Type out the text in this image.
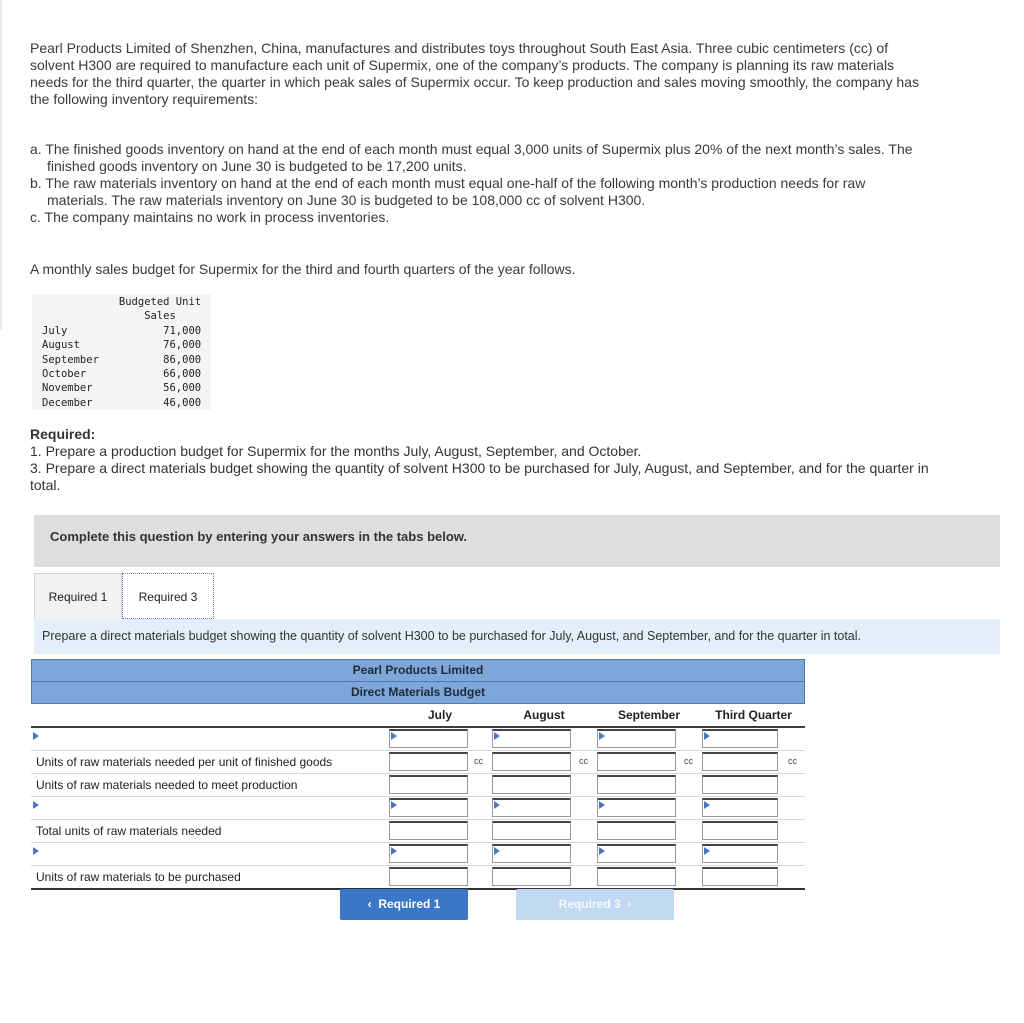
Pearl Products Limited of Shenzhen, China, manufactures and distributes toys throughout South East Asia. Three cubic centimeters (cc) of solvent H300 are required to manufacture each unit of Supermix, one of the company’s products. The company is planning its raw materials needs for the third quarter, the quarter in which peak sales of Supermix occur. To keep production and sales moving smoothly, the company has the following inventory requirements:
a. The finished goods inventory on hand at the end of each month must equal 3,000 units of Supermix plus 20% of the next month’s sales. The finished goods inventory on June 30 is budgeted to be 17,200 units.
b. The raw materials inventory on hand at the end of each month must equal one-half of the following month’s production needs for raw materials. The raw materials inventory on June 30 is budgeted to be 108,000 cc of solvent H300.
c. The company maintains no work in process inventories.
A monthly sales budget for Supermix for the third and fourth quarters of the year follows.
	Budgeted Unit
Sales
July	71,000
August	76,000
September	86,000
October	66,000
November	56,000
December	46,000
Required:
1. Prepare a production budget for Supermix for the months July, August, September, and October.
3. Prepare a direct materials budget showing the quantity of solvent H300 to be purchased for July, August, and September, and for the quarter in total.
Complete this question by entering your answers in the tabs below.
Required 1	Required 3
Prepare a direct materials budget showing the quantity of solvent H300 to be purchased for July, August, and September, and for the quarter in total.
Pearl Products Limited
Direct Materials Budget
July	August	September	Third Quarter
Units of raw materials needed per unit of finished goods	cc	cc	cc	cc
Units of raw materials needed to meet production
Total units of raw materials needed
Units of raw materials to be purchased
‹ Required 1	Required 3 ›
